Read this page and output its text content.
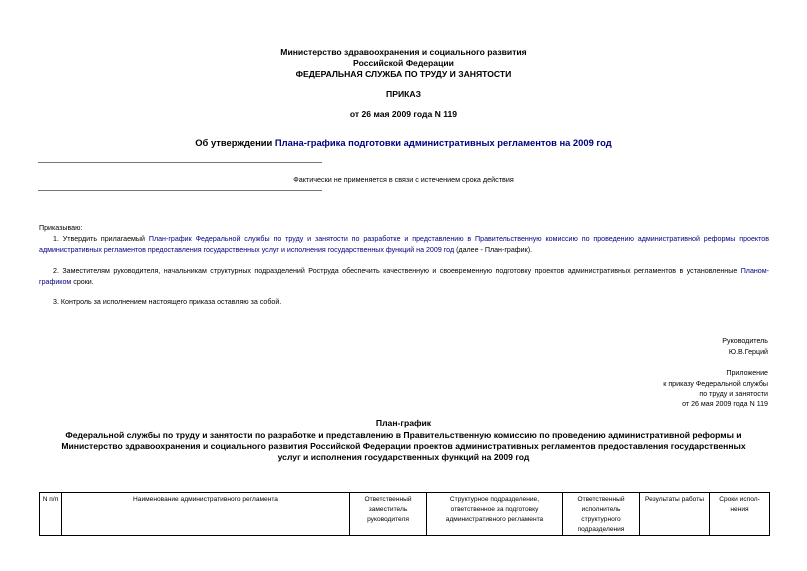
Министерство здравоохранения и социального развития
Российской Федерации
ФЕДЕРАЛЬНАЯ СЛУЖБА ПО ТРУДУ И ЗАНЯТОСТИ
ПРИКАЗ
от 26 мая 2009 года N 119
Об утверждении Плана-графика подготовки административных регламентов на 2009 год
Фактически не применяется в связи с истечением срока действия
Приказываю:
1. Утвердить прилагаемый План-график Федеральной службы по труду и занятости по разработке и представлению в Правительственную комиссию по проведению административной реформы проектов административных регламентов предоставления государственных услуг и исполнения государственных функций на 2009 год (далее - План-график).
2. Заместителям руководителя, начальникам структурных подразделений Роструда обеспечить качественную и своевременную подготовку проектов административных регламентов в установленные Планом-графиком сроки.
3. Контроль за исполнением настоящего приказа оставляю за собой.
Руководитель
Ю.В.Герций
Приложение
к приказу Федеральной службы
по труду и занятости
от 26 мая 2009 года N 119
План-график
Федеральной службы по труду и занятости по разработке и представлению в Правительственную комиссию по проведению административной реформы и
Министерство здравоохранения и социального развития Российской Федерации проектов административных регламентов предоставления государственных
услуг и исполнения государственных функций на 2009 год
N п/п	Наименование административного регламента	Ответственный заместитель руководителя	Структурное подразделение, ответственное за подготовку административного регламента	Ответственный исполнитель структурного подразделения	Результаты работы	Сроки испол-нения
